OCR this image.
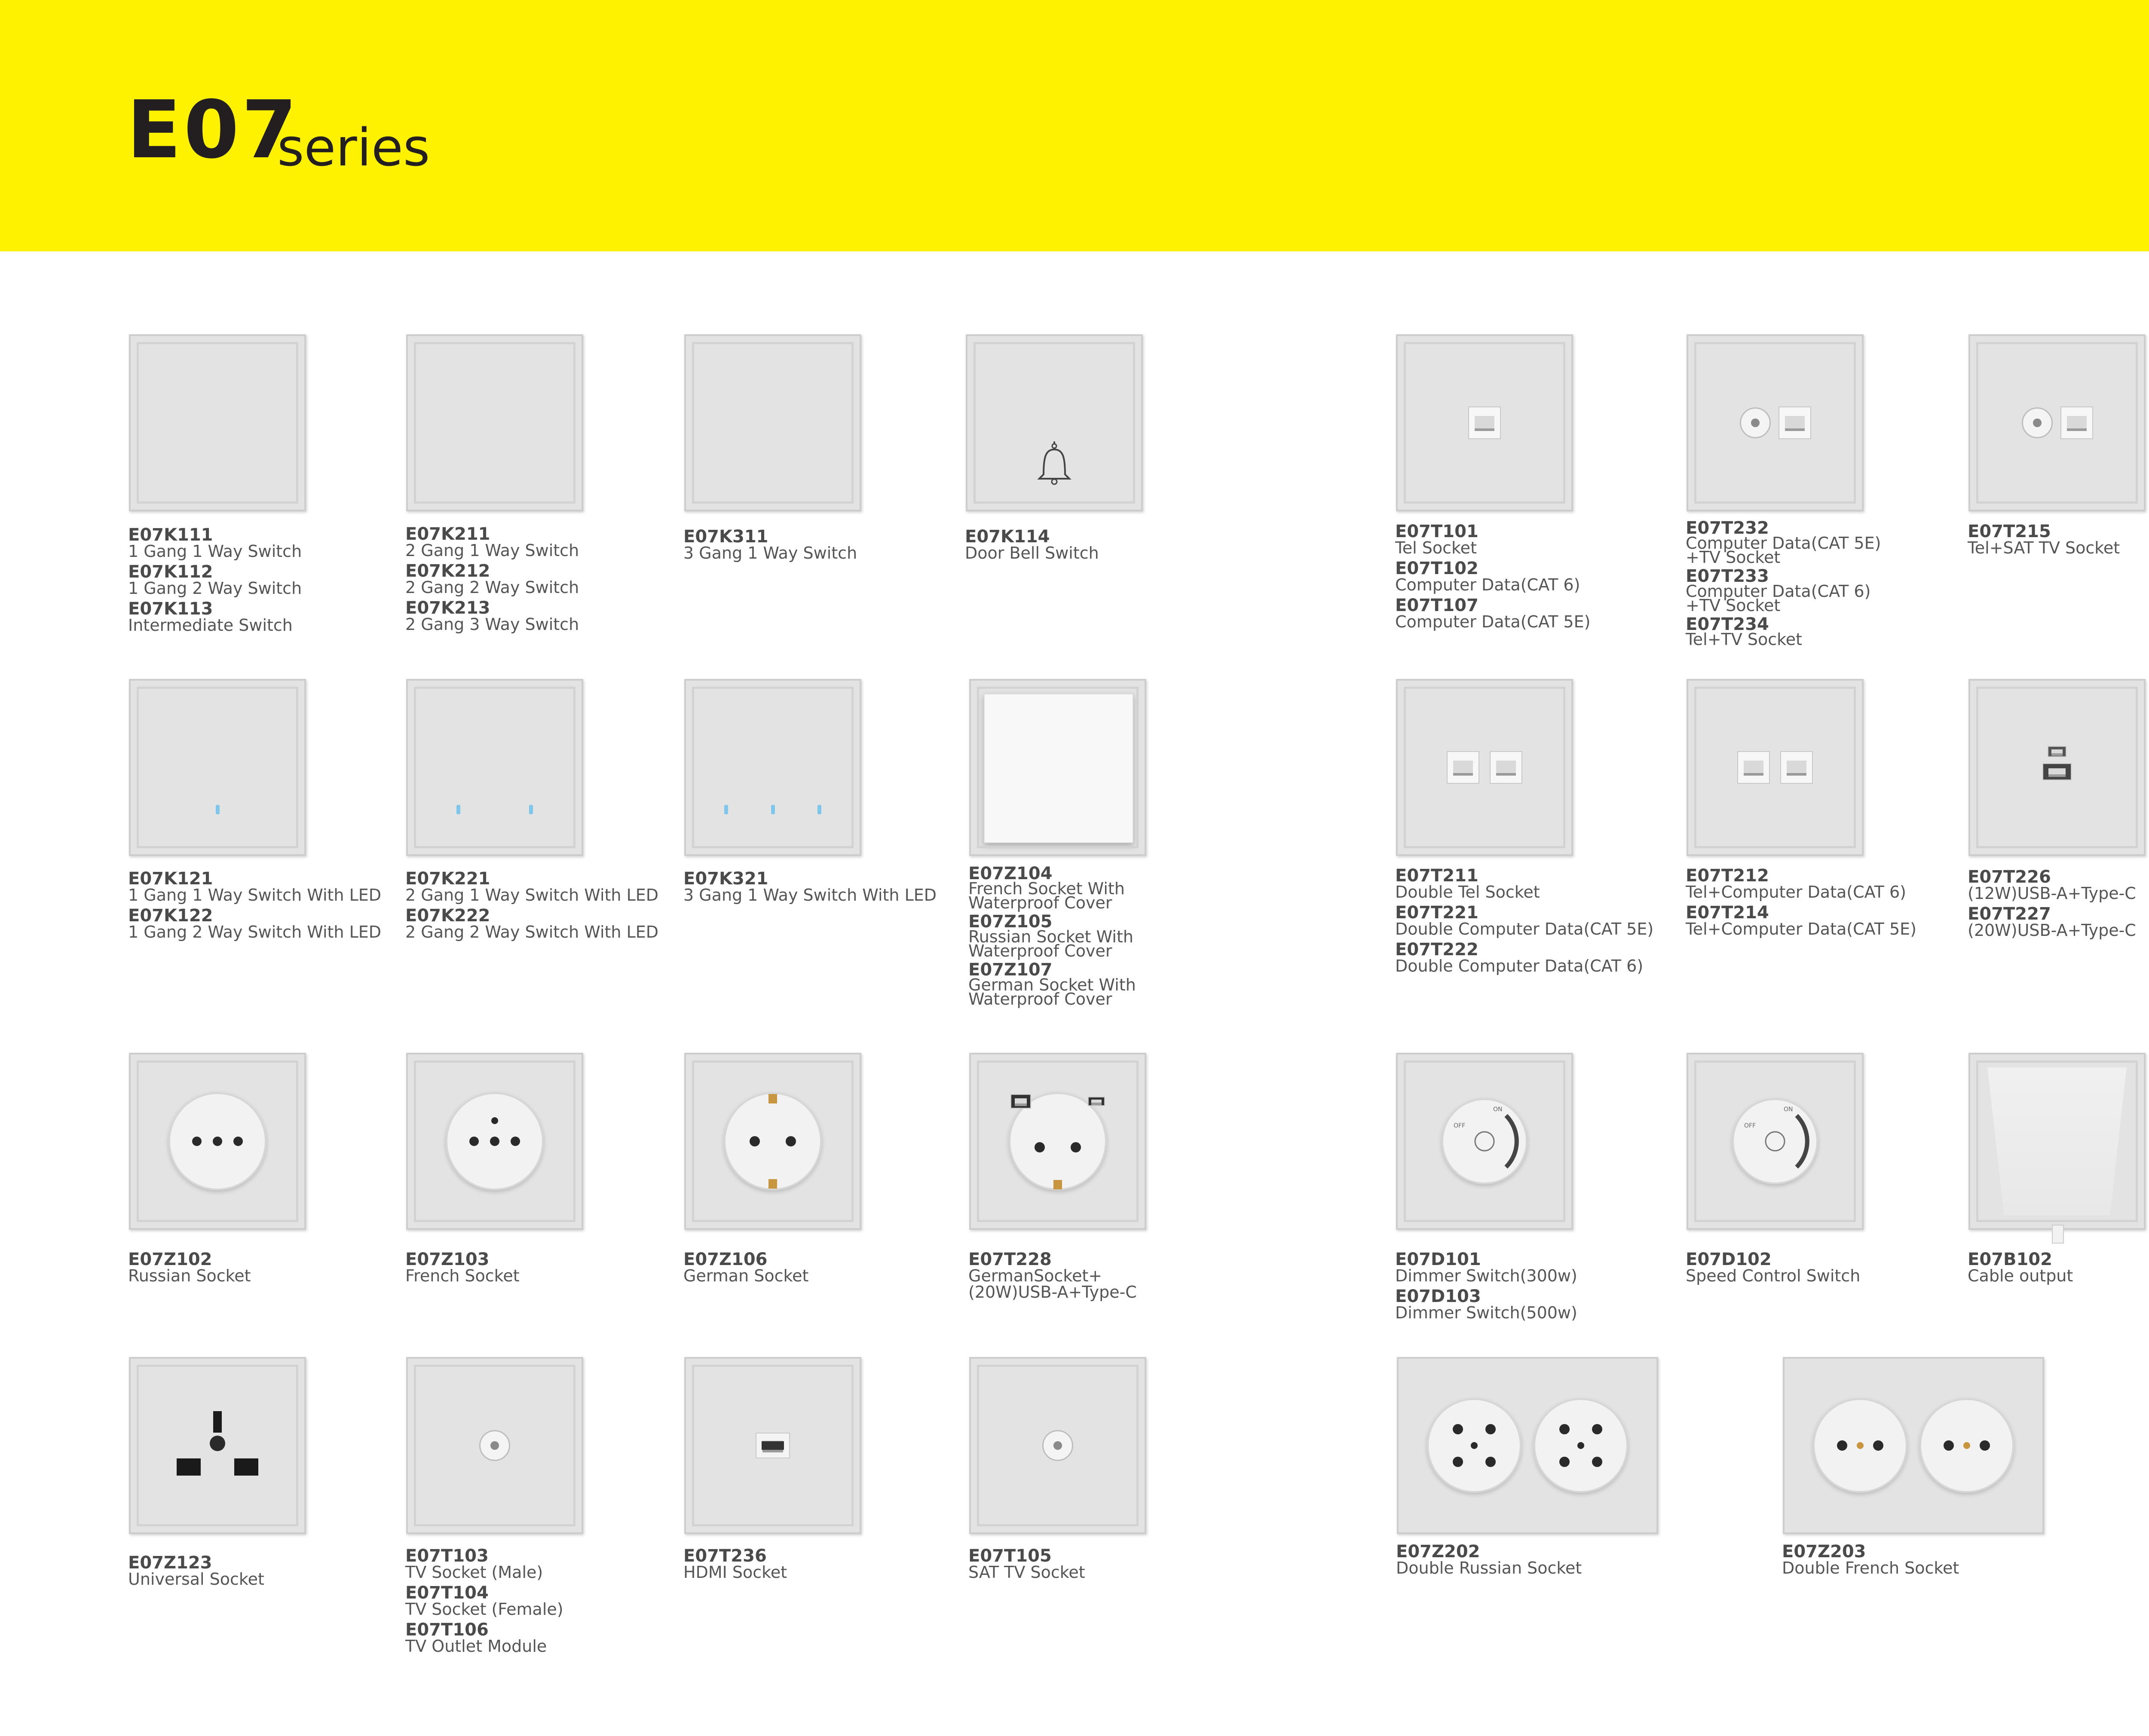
E07
series
E07K111
1 Gang 1 Way Switch
E07K112
1 Gang 2 Way Switch
E07K113
Intermediate Switch
E07K211
2 Gang 1 Way Switch
E07K212
2 Gang 2 Way Switch
E07K213
2 Gang 3 Way Switch
E07K311
3 Gang 1 Way Switch
E07K114
Door Bell Switch
E07T101
Tel Socket
E07T102
Computer Data(CAT 6)
E07T107
Computer Data(CAT 5E)
E07T232
Computer Data(CAT 5E)
+TV Socket
E07T233
Computer Data(CAT 6)
+TV Socket
E07T234
Tel+TV Socket
E07T215
Tel+SAT TV Socket
E07K121
1 Gang 1 Way Switch With LED
E07K122
1 Gang 2 Way Switch With LED
E07K221
2 Gang 1 Way Switch With LED
E07K222
2 Gang 2 Way Switch With LED
E07K321
3 Gang 1 Way Switch With LED
E07Z104
French Socket With
Waterproof Cover
E07Z105
Russian Socket With
Waterproof Cover
E07Z107
German Socket With
Waterproof Cover
E07T211
Double Tel Socket
E07T221
Double Computer Data(CAT 5E)
E07T222
Double Computer Data(CAT 6)
E07T212
Tel+Computer Data(CAT 6)
E07T214
Tel+Computer Data(CAT 5E)
E07T226
(12W)USB-A+Type-C
E07T227
(20W)USB-A+Type-C
E07Z102
Russian Socket
E07Z103
French Socket
E07Z106
German Socket
E07T228
GermanSocket+
(20W)USB-A+Type-C
OFF
ON
E07D101
Dimmer Switch(300w)
E07D103
Dimmer Switch(500w)
OFF
ON
E07D102
Speed Control Switch
E07B102
Cable output
E07Z123
Universal Socket
E07T103
TV Socket (Male)
E07T104
TV Socket (Female)
E07T106
TV Outlet Module
E07T236
HDMI Socket
E07T105
SAT TV Socket
E07Z202
Double Russian Socket
E07Z203
Double French Socket
